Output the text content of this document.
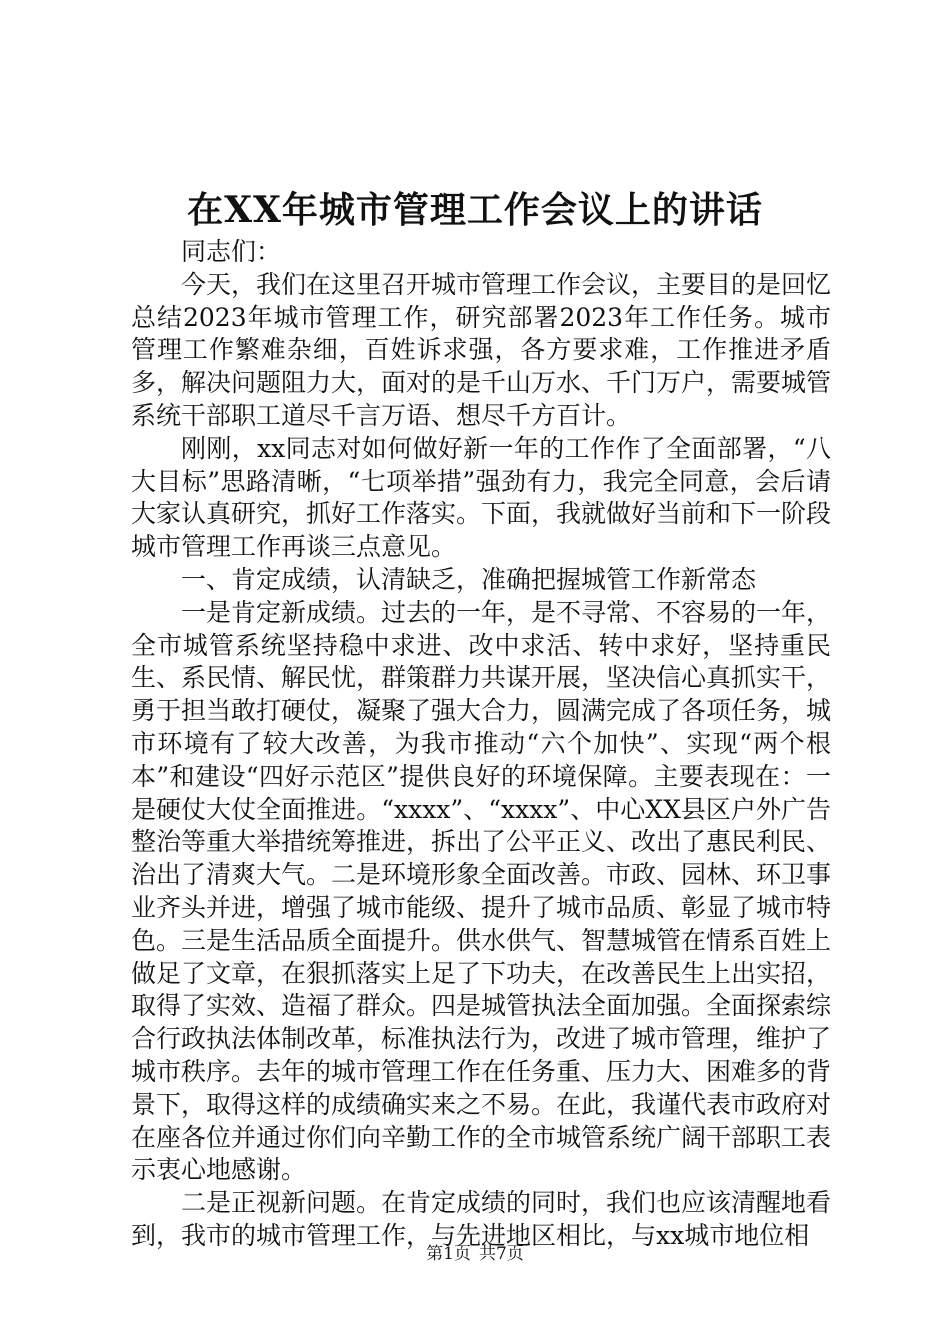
在XX年城市管理工作会议上的讲话

同志们：

今天，我们在这里召开城市管理工作会议，主要目的是回忆总结2023年城市管理工作，研究部署2023年工作任务。城市管理工作繁难杂细，百姓诉求强，各方要求难，工作推进矛盾多，解决问题阻力大，面对的是千山万水、千门万户，需要城管系统干部职工道尽千言万语、想尽千方百计。

刚刚，xx同志对如何做好新一年的工作作了全面部署，“八大目标”思路清晰，“七项举措”强劲有力，我完全同意，会后请大家认真研究，抓好工作落实。下面，我就做好当前和下一阶段城市管理工作再谈三点意见。

一、肯定成绩，认清缺乏，准确把握城管工作新常态

一是肯定新成绩。过去的一年，是不寻常、不容易的一年，全市城管系统坚持稳中求进、改中求活、转中求好，坚持重民生、系民情、解民忧，群策群力共谋开展，坚决信心真抓实干，勇于担当敢打硬仗，凝聚了强大合力，圆满完成了各项任务，城市环境有了较大改善，为我市推动“六个加快”、实现“两个根本”和建设“四好示范区”提供良好的环境保障。主要表现在：一是硬仗大仗全面推进。“xxxx”、“xxxx”、中心XX县区户外广告整治等重大举措统筹推进，拆出了公平正义、改出了惠民利民、治出了清爽大气。二是环境形象全面改善。市政、园林、环卫事业齐头并进，增强了城市能级、提升了城市品质、彰显了城市特色。三是生活品质全面提升。供水供气、智慧城管在情系百姓上做足了文章，在狠抓落实上足了下功夫，在改善民生上出实招，取得了实效、造福了群众。四是城管执法全面加强。全面探索综合行政执法体制改革，标准执法行为，改进了城市管理，维护了城市秩序。去年的城市管理工作在任务重、压力大、困难多的背景下，取得这样的成绩确实来之不易。在此，我谨代表市政府对在座各位并通过你们向辛勤工作的全市城管系统广阔干部职工表示衷心地感谢。

二是正视新问题。在肯定成绩的同时，我们也应该清醒地看到，我市的城市管理工作，与先进地区相比，与xx城市地位相

第1页 共7页
